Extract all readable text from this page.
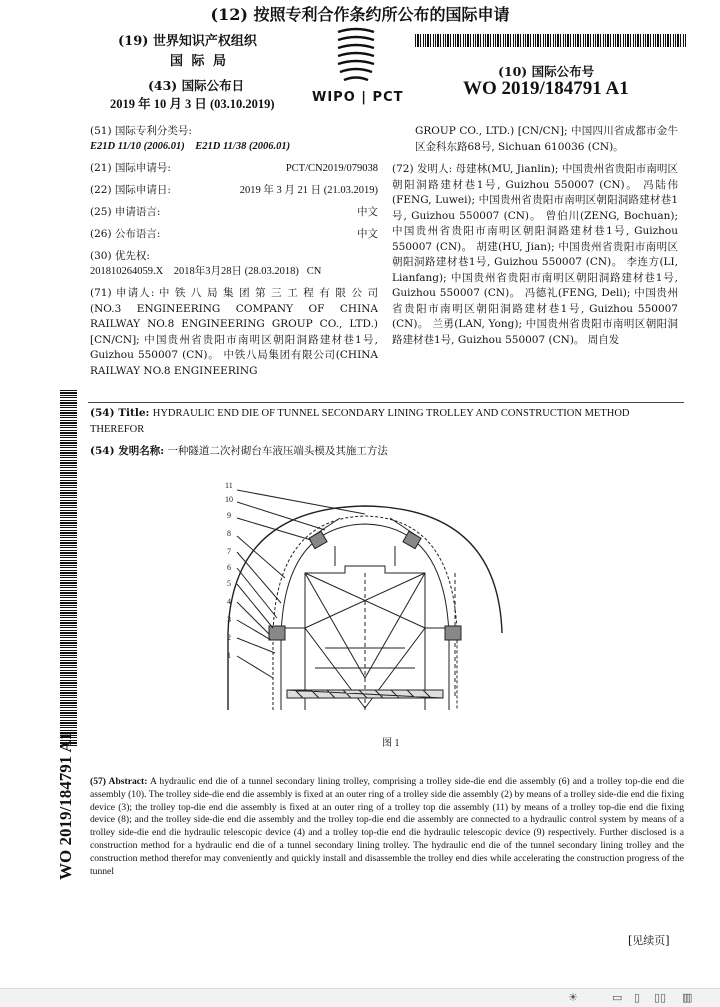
(12) 按照专利合作条约所公布的国际申请
(19) 世界知识产权组织
国 际 局
(43) 国际公布日
2019 年 10 月 3 日 (03.10.2019)	WIPO | PCT
(10) 国际公布号
WO 2019/184791 A1
(51) 国际专利分类号:
E21D 11/10 (2006.01)    E21D 11/38 (2006.01)
(21) 国际申请号:	PCT/CN2019/079038
(22) 国际申请日:	2019 年 3 月 21 日 (21.03.2019)
(25) 申请语言:	中文
(26) 公布语言:	中文
(30) 优先权:
201810264059.X    2018年3月28日 (28.03.2018)   CN
(71) 申请人: 中 铁 八 局 集 团 第 三 工 程 有 限 公 司 (NO.3 ENGINEERING COMPANY OF CHINA RAILWAY NO.8 ENGINEERING GROUP CO., LTD.) [CN/CN]; 中国贵州省贵阳市南明区朝阳洞路建材巷1号, Guizhou 550007 (CN)。 中铁八局集团有限公司(CHINA RAILWAY NO.8 ENGINEERING
GROUP CO., LTD.) [CN/CN]; 中国四川省成都市金牛区金科东路68号, Sichuan 610036 (CN)。
(72) 发明人: 母建林(MU, Jianlin); 中国贵州省贵阳市南明区朝阳洞路建材巷1号, Guizhou 550007 (CN)。 冯陆伟(FENG, Luwei); 中国贵州省贵阳市南明区朝阳洞路建材巷1号, Guizhou 550007 (CN)。 曾伯川(ZENG, Bochuan); 中国贵州省贵阳市南明区朝阳洞路建材巷1号, Guizhou 550007 (CN)。 胡建(HU, Jian); 中国贵州省贵阳市南明区朝阳洞路建材巷1号, Guizhou 550007 (CN)。 李连方(LI, Lianfang); 中国贵州省贵阳市南明区朝阳洞路建材巷1号, Guizhou 550007 (CN)。 冯德礼(FENG, Deli); 中国贵州省贵阳市南明区朝阳洞路建材巷1号, Guizhou 550007 (CN)。 兰勇(LAN, Yong); 中国贵州省贵阳市南明区朝阳洞路建材巷1号, Guizhou 550007 (CN)。 周自发
(54) Title: HYDRAULIC END DIE OF TUNNEL SECONDARY LINING TROLLEY AND CONSTRUCTION METHOD THEREFOR
(54) 发明名称: 一种隧道二次衬砌台车液压端头模及其施工方法
11
10
9
8
7
6
5
4
3
2
1
图 1
(57) Abstract: A hydraulic end die of a tunnel secondary lining trolley, comprising a trolley side-die end die assembly (6) and a trolley top-die end die assembly (10). The trolley side-die end die assembly is fixed at an outer ring of a trolley side die assembly (2) by means of a trolley side-die end die fixing device (3); the trolley top-die end die assembly is fixed at an outer ring of a trolley top die assembly (11) by means of a trolley top-die end die fixing device (8); and the trolley side-die end die assembly and the trolley top-die end die assembly are connected to a hydraulic control system by means of a trolley side-die end die hydraulic telescopic device (4) and a trolley top-die end die hydraulic telescopic device (9) respectively. Further disclosed is a construction method for a hydraulic end die of a tunnel secondary lining trolley. The hydraulic end die of the tunnel secondary lining trolley and the construction method therefor may conveniently and quickly install and disassemble the trolley end dies while accelerating the construction progress of the tunnel
[见续页]
WO 2019/184791 A1
☀	▭ ▯ ▯▯ ▥
